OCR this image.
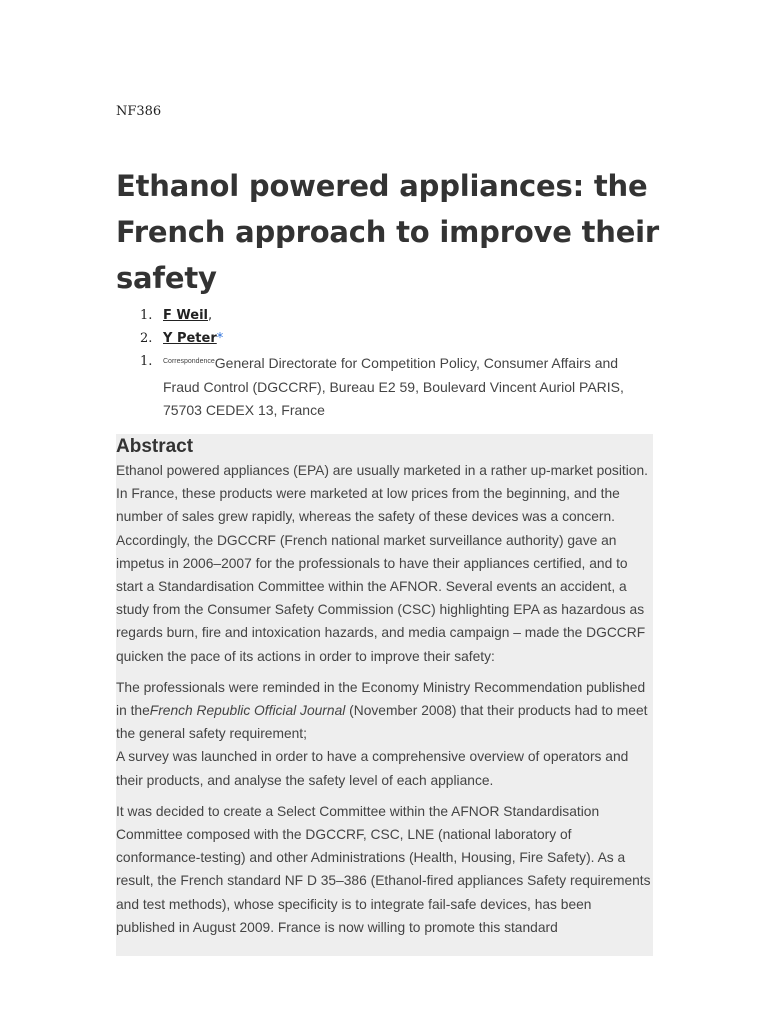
NF386
Ethanol powered appliances: the French approach to improve their safety
1. F Weil,
2. Y Peter*
1. $^{Correspondence}$General Directorate for Competition Policy, Consumer Affairs and Fraud Control (DGCCRF), Bureau E2 59, Boulevard Vincent Auriol PARIS, 75703 CEDEX 13, France
Abstract

Ethanol powered appliances (EPA) are usually marketed in a rather up-market position. In France, these products were marketed at low prices from the beginning, and the number of sales grew rapidly, whereas the safety of these devices was a concern. Accordingly, the DGCCRF (French national market surveillance authority) gave an impetus in 2006–2007 for the professionals to have their appliances certified, and to start a Standardisation Committee within the AFNOR. Several events an accident, a study from the Consumer Safety Commission (CSC) highlighting EPA as hazardous as regards burn, fire and intoxication hazards, and media campaign – made the DGCCRF quicken the pace of its actions in order to improve their safety:

The professionals were reminded in the Economy Ministry Recommendation published in theFrench Republic Official Journal (November 2008) that their products had to meet the general safety requirement;

A survey was launched in order to have a comprehensive overview of operators and their products, and analyse the safety level of each appliance.

It was decided to create a Select Committee within the AFNOR Standardisation Committee composed with the DGCCRF, CSC, LNE (national laboratory of conformance-testing) and other Administrations (Health, Housing, Fire Safety). As a result, the French standard NF D 35–386 (Ethanol-fired appliances Safety requirements and test methods), whose specificity is to integrate fail-safe devices, has been published in August 2009. France is now willing to promote this standard
